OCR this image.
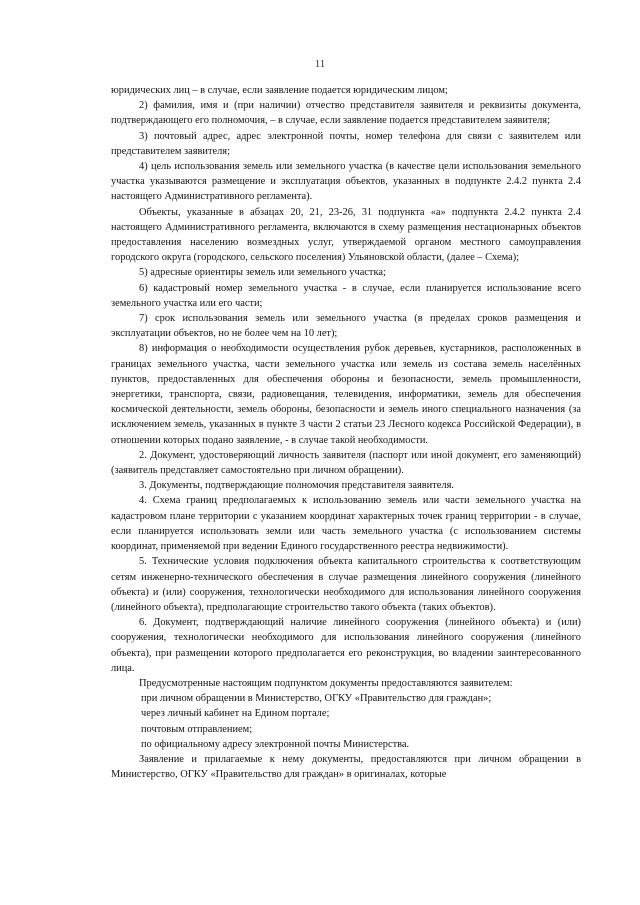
11

юридических лиц – в случае, если заявление подается юридическим лицом;

2) фамилия, имя и (при наличии) отчество представителя заявителя и реквизиты документа, подтверждающего его полномочия, – в случае, если заявление подается представителем заявителя;

3) почтовый адрес, адрес электронной почты, номер телефона для связи с заявителем или представителем заявителя;

4) цель использования земель или земельного участка (в качестве цели использования земельного участка указываются размещение и эксплуатация объектов, указанных в подпункте 2.4.2 пункта 2.4 настоящего Административного регламента).

Объекты, указанные в абзацах 20, 21, 23-26, 31 подпункта «а» подпункта 2.4.2 пункта 2.4 настоящего Административного регламента, включаются в схему размещения нестационарных объектов предоставления населению возмездных услуг, утверждаемой органом местного самоуправления городского округа (городского, сельского поселения) Ульяновской области, (далее – Схема);

5) адресные ориентиры земель или земельного участка;

6) кадастровый номер земельного участка - в случае, если планируется использование всего земельного участка или его части;

7) срок использования земель или земельного участка (в пределах сроков размещения и эксплуатации объектов, но не более чем на 10 лет);

8) информация о необходимости осуществления рубок деревьев, кустарников, расположенных в границах земельного участка, части земельного участка или земель из состава земель населённых пунктов, предоставленных для обеспечения обороны и безопасности, земель промышленности, энергетики, транспорта, связи, радиовещания, телевидения, информатики, земель для обеспечения космической деятельности, земель обороны, безопасности и земель иного специального назначения (за исключением земель, указанных в пункте 3 части 2 статьи 23 Лесного кодекса Российской Федерации), в отношении которых подано заявление, - в случае такой необходимости.

2. Документ, удостоверяющий личность заявителя (паспорт или иной документ, его заменяющий) (заявитель представляет самостоятельно при личном обращении).

3. Документы, подтверждающие полномочия представителя заявителя.

4. Схема границ предполагаемых к использованию земель или части земельного участка на кадастровом плане территории с указанием координат характерных точек границ территории - в случае, если планируется использовать земли или часть земельного участка (с использованием системы координат, применяемой при ведении Единого государственного реестра недвижимости).

5. Технические условия подключения объекта капитального строительства к соответствующим сетям инженерно-технического обеспечения в случае размещения линейного сооружения (линейного объекта) и (или) сооружения, технологически необходимого для использования линейного сооружения (линейного объекта), предполагающие строительство такого объекта (таких объектов).

6. Документ, подтверждающий наличие линейного сооружения (линейного объекта) и (или) сооружения, технологически необходимого для использования линейного сооружения (линейного объекта), при размещении которого предполагается его реконструкция, во владении заинтересованного лица.

Предусмотренные настоящим подпунктом документы предоставляются заявителем:

при личном обращении в Министерство, ОГКУ «Правительство для граждан»;

через личный кабинет на Едином портале;

почтовым отправлением;

по официальному адресу электронной почты Министерства.

Заявление и прилагаемые к нему документы, предоставляются при личном обращении в Министерство, ОГКУ «Правительство для граждан» в оригиналах, которые
